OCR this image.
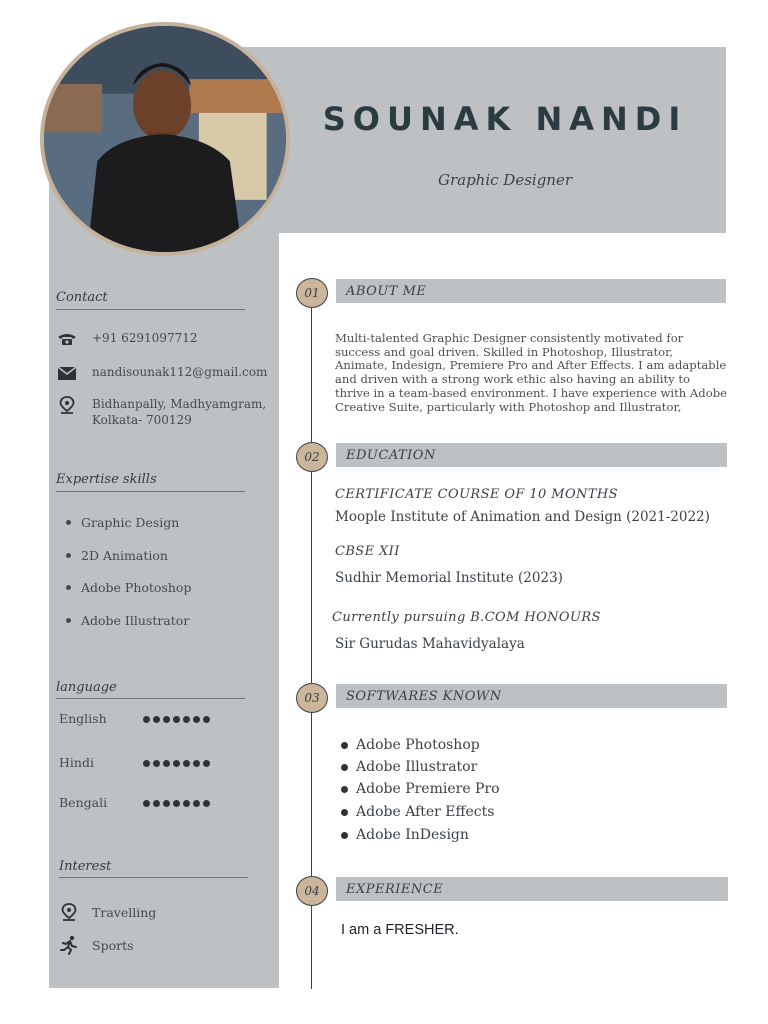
SOUNAK NANDI
Graphic Designer
Contact
+91 6291097712
nandisounak112@gmail.com
Bidhanpally, Madhyamgram,
Kolkata- 700129
Expertise skills
Graphic Design
2D Animation
Adobe Photoshop
Adobe Illustrator
language
English
Hindi
Bengali
Interest
Travelling
Sports
01	ABOUT ME
Multi-talented Graphic Designer consistently motivated for success and goal driven. Skilled in Photoshop, Illustrator, Animate, Indesign, Premiere Pro and After Effects. I am adaptable and driven with a strong work ethic also having an ability to thrive in a team-based environment. I have experience with Adobe Creative Suite, particularly with Photoshop and Illustrator,
02	EDUCATION
CERTIFICATE COURSE OF 10 MONTHS
Moople Institute of Animation and Design (2021-2022)
CBSE XII
Sudhir Memorial Institute (2023)
Currently pursuing B.COM HONOURS
Sir Gurudas Mahavidyalaya
03	SOFTWARES KNOWN
Adobe Photoshop
Adobe Illustrator
Adobe Premiere Pro
Adobe After Effects
Adobe InDesign
04	EXPERIENCE
I am a FRESHER.
